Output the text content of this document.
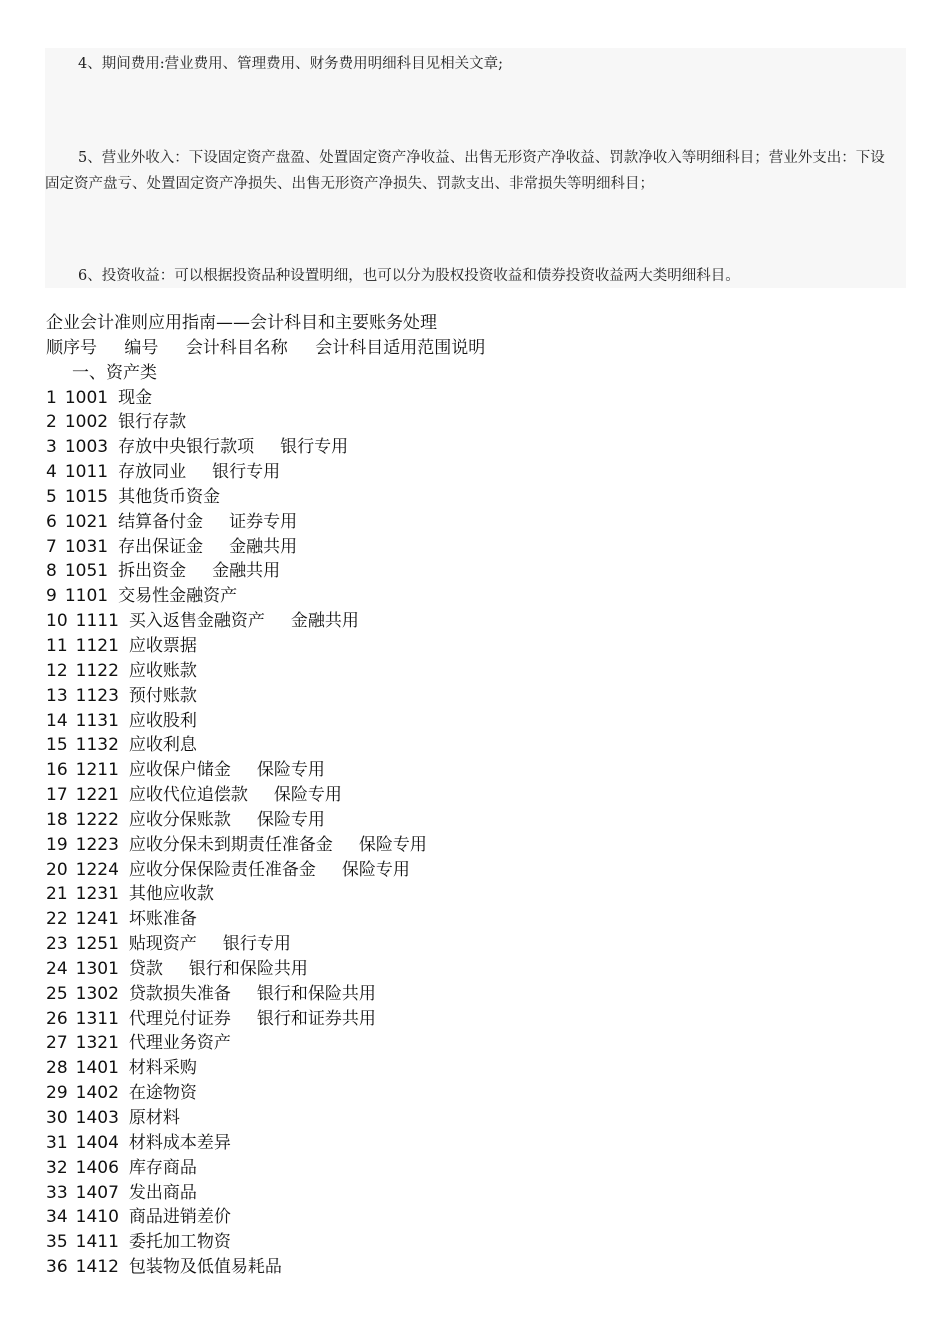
4、期间费用:营业费用、管理费用、财务费用明细科目见相关文章;
5、营业外收入：下设固定资产盘盈、处置固定资产净收益、出售无形资产净收益、罚款净收入等明细科目；营业外支出：下设固定资产盘亏、处置固定资产净损失、出售无形资产净损失、罚款支出、非常损失等明细科目；
6、投资收益：可以根据投资品种设置明细，也可以分为股权投资收益和债券投资收益两大类明细科目。
企业会计准则应用指南——会计科目和主要账务处理
顺序号 编号 会计科目名称 会计科目适用范围说明
一、资产类
1 1001 现金
2 1002 银行存款
3 1003 存放中央银行款项 银行专用
4 1011 存放同业 银行专用
5 1015 其他货币资金
6 1021 结算备付金 证券专用
7 1031 存出保证金 金融共用
8 1051 拆出资金 金融共用
9 1101 交易性金融资产
10 1111 买入返售金融资产 金融共用
11 1121 应收票据
12 1122 应收账款
13 1123 预付账款
14 1131 应收股利
15 1132 应收利息
16 1211 应收保户储金 保险专用
17 1221 应收代位追偿款 保险专用
18 1222 应收分保账款 保险专用
19 1223 应收分保未到期责任准备金 保险专用
20 1224 应收分保保险责任准备金 保险专用
21 1231 其他应收款
22 1241 坏账准备
23 1251 贴现资产 银行专用
24 1301 贷款 银行和保险共用
25 1302 贷款损失准备 银行和保险共用
26 1311 代理兑付证券 银行和证券共用
27 1321 代理业务资产
28 1401 材料采购
29 1402 在途物资
30 1403 原材料
31 1404 材料成本差异
32 1406 库存商品
33 1407 发出商品
34 1410 商品进销差价
35 1411 委托加工物资
36 1412 包装物及低值易耗品
